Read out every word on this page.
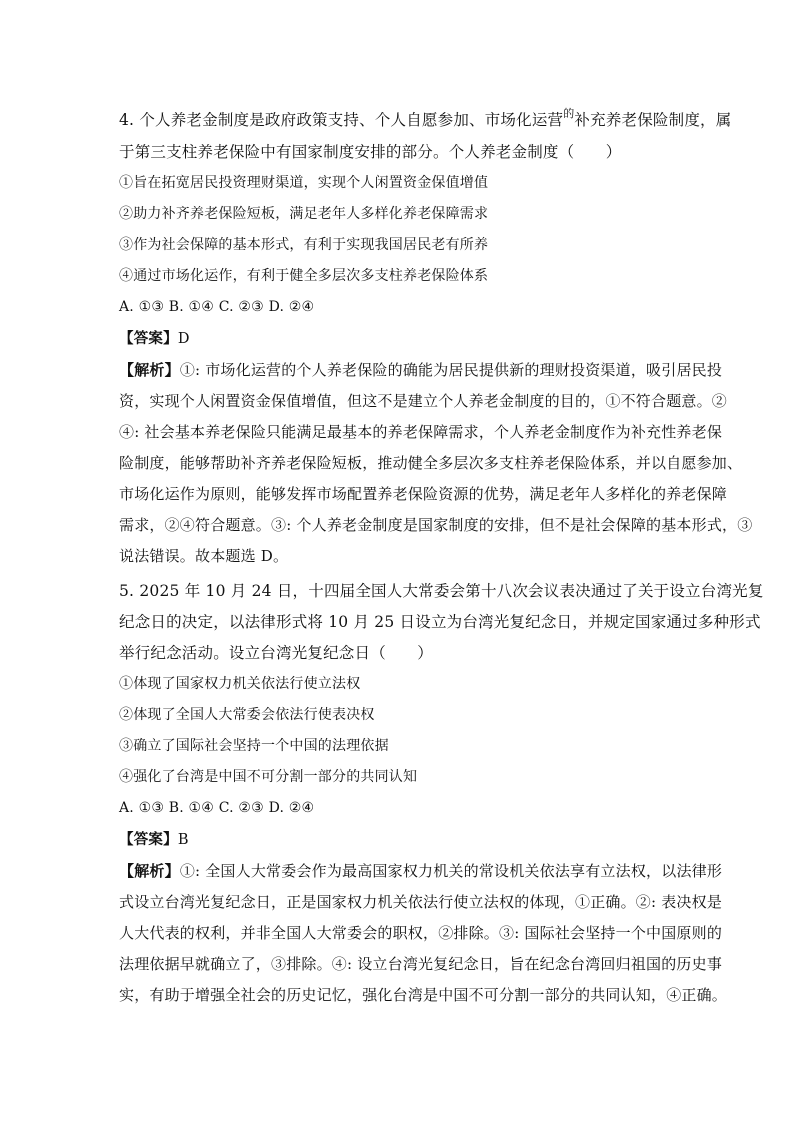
4. 个人养老金制度是政府政策支持、个人自愿参加、市场化运营$^的$补充养老保险制度，属
于第三支柱养老保险中有国家制度安排的部分。个人养老金制度（　　）
①旨在拓宽居民投资理财渠道，实现个人闲置资金保值增值
②助力补齐养老保险短板，满足老年人多样化养老保障需求
③作为社会保障的基本形式，有利于实现我国居民老有所养
④通过市场化运作，有利于健全多层次多支柱养老保险体系
A. ①③ B. ①④ C. ②③ D. ②④
【答案】D
【解析】①: 市场化运营的个人养老保险的确能为居民提供新的理财投资渠道，吸引居民投
资，实现个人闲置资金保值增值，但这不是建立个人养老金制度的目的，①不符合题意。②
④: 社会基本养老保险只能满足最基本的养老保障需求，个人养老金制度作为补充性养老保
险制度，能够帮助补齐养老保险短板，推动健全多层次多支柱养老保险体系，并以自愿参加、
市场化运作为原则，能够发挥市场配置养老保险资源的优势，满足老年人多样化的养老保障
需求，②④符合题意。③: 个人养老金制度是国家制度的安排，但不是社会保障的基本形式，③
说法错误。故本题选 D。
5. 2025 年 10 月 24 日，十四届全国人大常委会第十八次会议表决通过了关于设立台湾光复
纪念日的决定，以法律形式将 10 月 25 日设立为台湾光复纪念日，并规定国家通过多种形式
举行纪念活动。设立台湾光复纪念日（　　）
①体现了国家权力机关依法行使立法权
②体现了全国人大常委会依法行使表决权
③确立了国际社会坚持一个中国的法理依据
④强化了台湾是中国不可分割一部分的共同认知
A. ①③ B. ①④ C. ②③ D. ②④
【答案】B
【解析】①: 全国人大常委会作为最高国家权力机关的常设机关依法享有立法权，以法律形
式设立台湾光复纪念日，正是国家权力机关依法行使立法权的体现，①正确。②: 表决权是
人大代表的权利，并非全国人大常委会的职权，②排除。③: 国际社会坚持一个中国原则的
法理依据早就确立了，③排除。④: 设立台湾光复纪念日，旨在纪念台湾回归祖国的历史事
实，有助于增强全社会的历史记忆，强化台湾是中国不可分割一部分的共同认知，④正确。
